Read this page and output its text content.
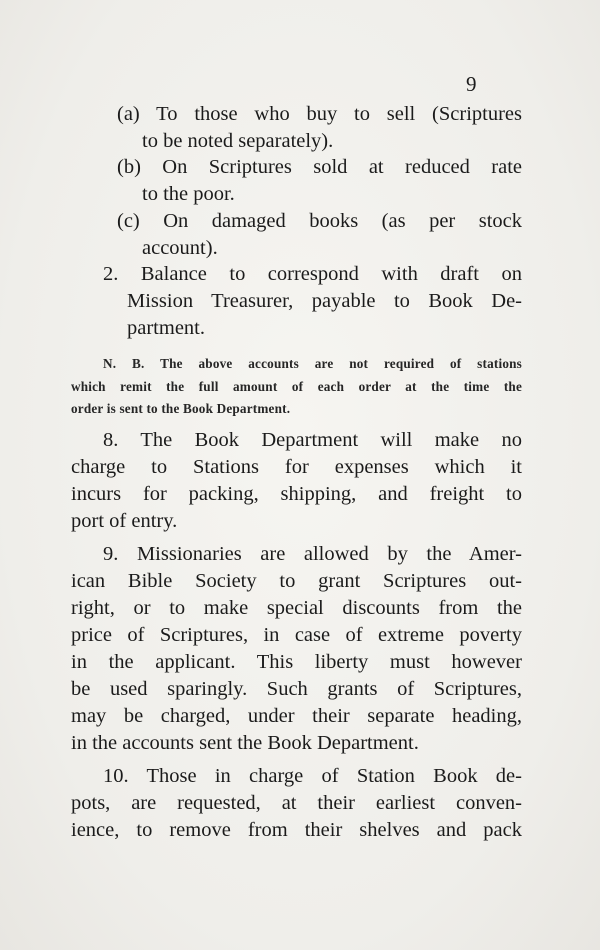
9
(a) To those who buy to sell (Scriptures
to be noted separately).
(b) On Scriptures sold at reduced rate
to the poor.
(c) On damaged books (as per stock
account).
2. Balance to correspond with draft on
Mission Treasurer, payable to Book De-
partment.
N. B. The above accounts are not required of stations
which remit the full amount of each order at the time the
order is sent to the Book Department.
8. The Book Department will make no
charge to Stations for expenses which it
incurs for packing, shipping, and freight to
port of entry.
9. Missionaries are allowed by the Amer-
ican Bible Society to grant Scriptures out-
right, or to make special discounts from the
price of Scriptures, in case of extreme poverty
in the applicant. This liberty must however
be used sparingly. Such grants of Scriptures,
may be charged, under their separate heading,
in the accounts sent the Book Department.
10. Those in charge of Station Book de-
pots, are requested, at their earliest conven-
ience, to remove from their shelves and pack
